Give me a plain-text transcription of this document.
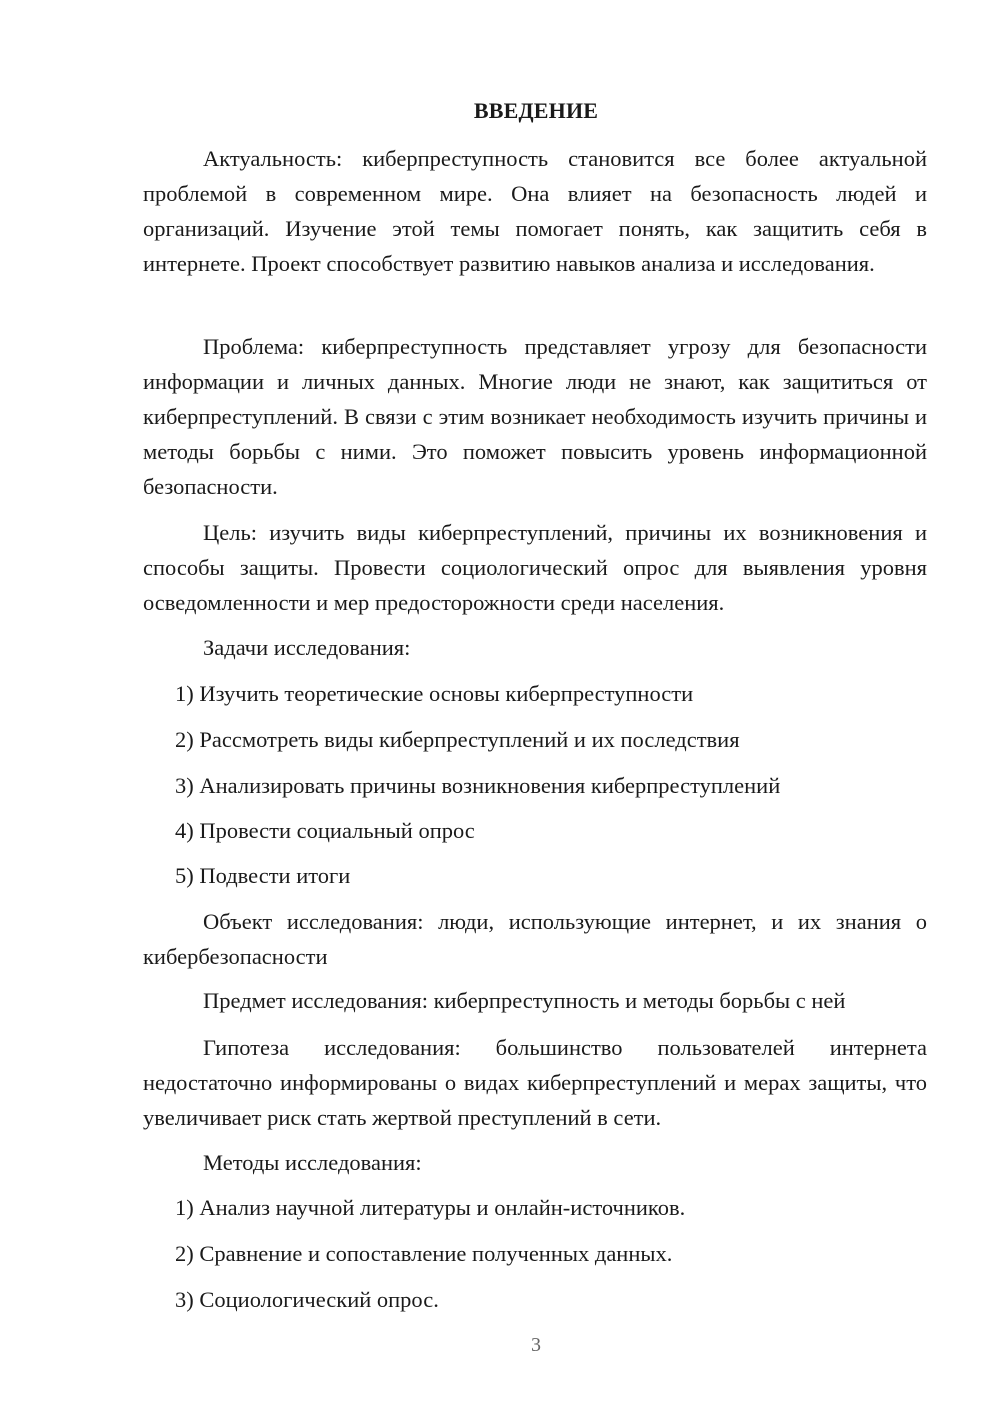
ВВЕДЕНИЕ

Актуальность: киберпреступность становится все более актуальной проблемой в современном мире. Она влияет на безопасность людей и организаций. Изучение этой темы помогает понять, как защитить себя в интернете. Проект способствует развитию навыков анализа и исследования.

Проблема: киберпреступность представляет угрозу для безопасности информации и личных данных. Многие люди не знают, как защититься от киберпреступлений. В связи с этим возникает необходимость изучить причины и методы борьбы с ними. Это поможет повысить уровень информационной безопасности.

Цель: изучить виды киберпреступлений, причины их возникновения и способы защиты. Провести социологический опрос для выявления уровня осведомленности и мер предосторожности среди населения.

Задачи исследования:

1) Изучить теоретические основы киберпреступности

2) Рассмотреть виды киберпреступлений и их последствия

3) Анализировать причины возникновения киберпреступлений

4) Провести социальный опрос

5) Подвести итоги

Объект исследования: люди, использующие интернет, и их знания о кибербезопасности

Предмет исследования: киберпреступность и методы борьбы с ней

Гипотеза исследования: большинство пользователей интернета недостаточно информированы о видах киберпреступлений и мерах защиты, что увеличивает риск стать жертвой преступлений в сети.

Методы исследования:

1) Анализ научной литературы и онлайн-источников.

2) Сравнение и сопоставление полученных данных.

3) Социологический опрос.

3
